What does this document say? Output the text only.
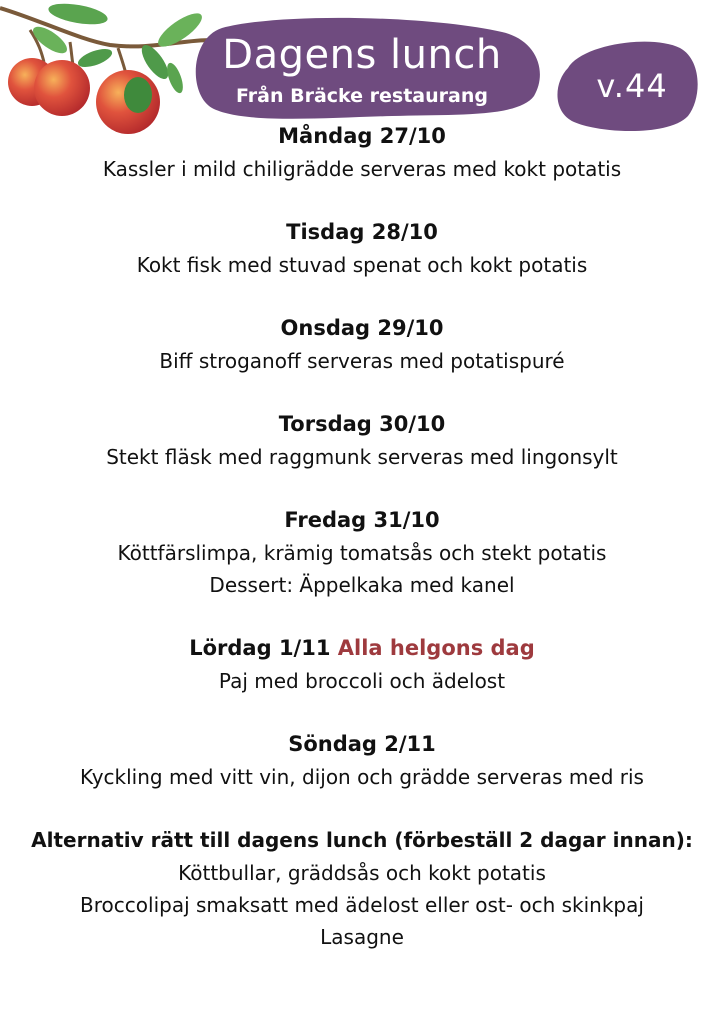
Dagens lunch
Från Bräcke restaurang	v.44

Måndag 27/10

Kassler i mild chiligrädde serveras med kokt potatis

Tisdag 28/10

Kokt fisk med stuvad spenat och kokt potatis

Onsdag 29/10

Biff stroganoff serveras med potatispuré

Torsdag 30/10

Stekt fläsk med raggmunk serveras med lingonsylt

Fredag 31/10

Köttfärslimpa, krämig tomatsås och stekt potatis

Dessert: Äppelkaka med kanel

Lördag 1/11 Alla helgons dag

Paj med broccoli och ädelost

Söndag 2/11

Kyckling med vitt vin, dijon och grädde serveras med ris

Alternativ rätt till dagens lunch (förbeställ 2 dagar innan):

Köttbullar, gräddsås och kokt potatis

Broccolipaj smaksatt med ädelost eller ost- och skinkpaj

Lasagne
